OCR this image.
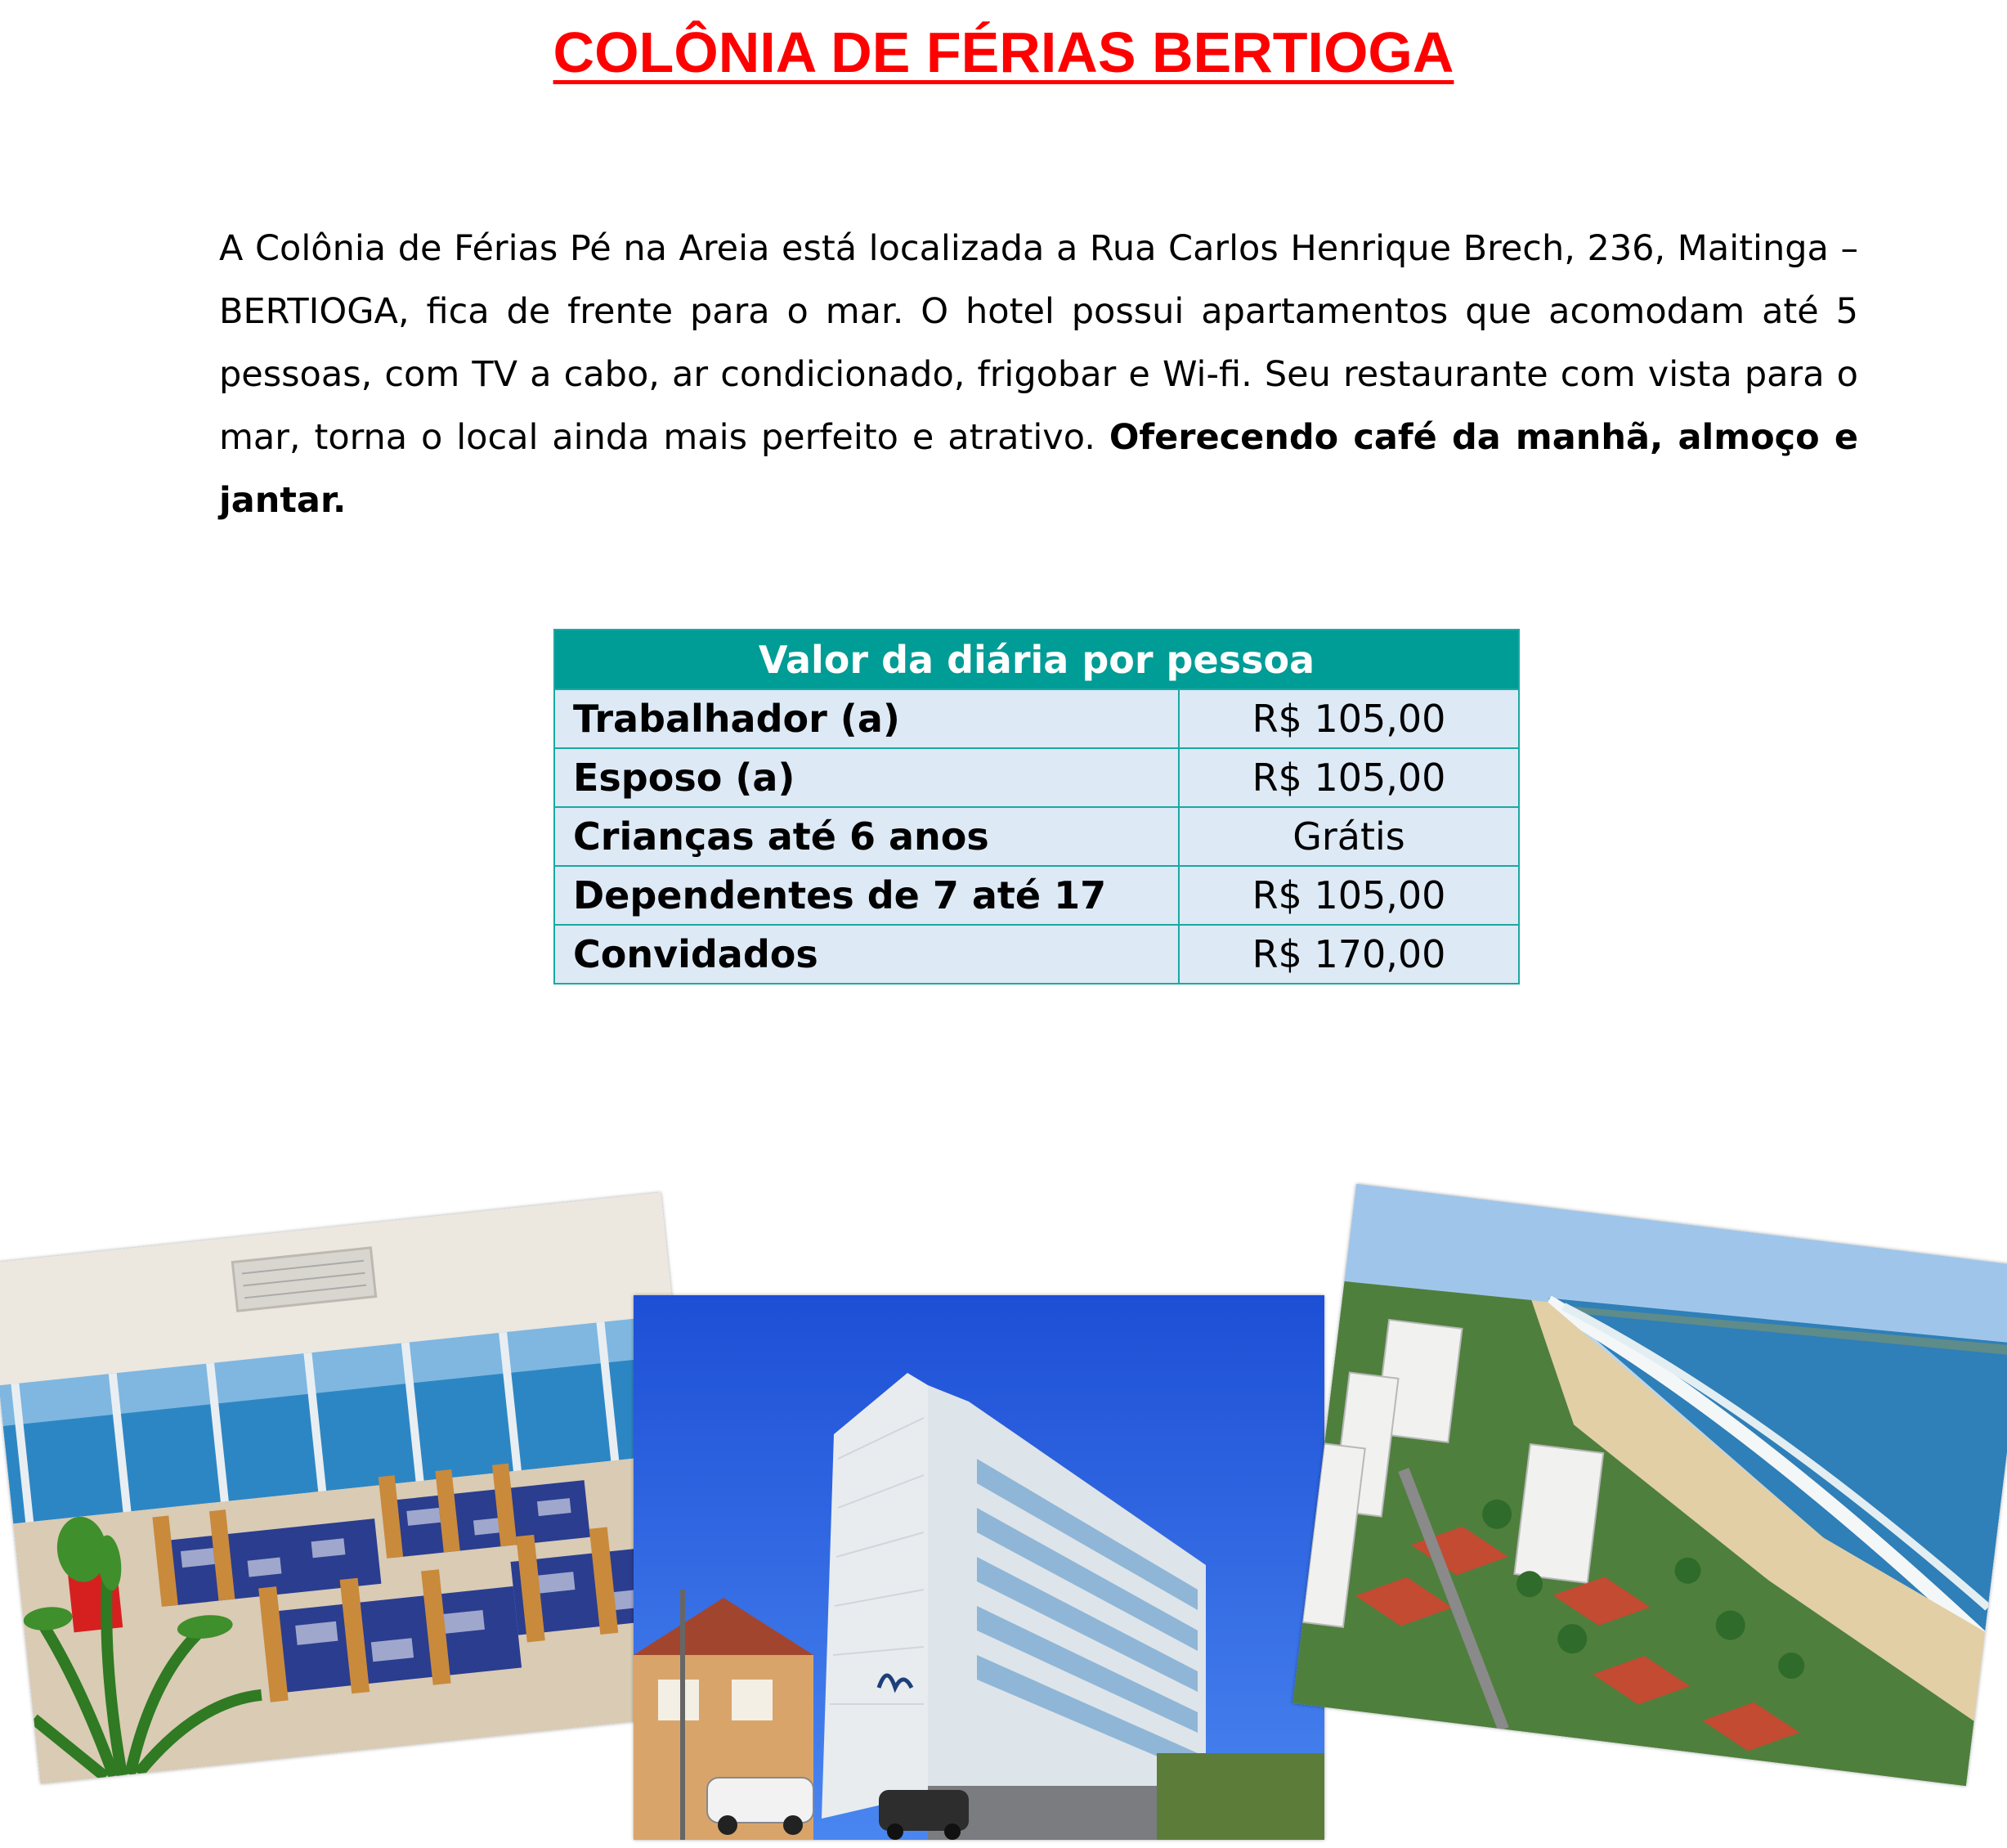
COLÔNIA DE FÉRIAS BERTIOGA
A Colônia de Férias Pé na Areia está localizada a Rua Carlos Henrique Brech, 236, Maitinga – BERTIOGA, fica de frente para o mar. O hotel possui apartamentos que acomodam até 5 pessoas, com TV a cabo, ar condicionado, frigobar e Wi-fi. Seu restaurante com vista para o mar, torna o local ainda mais perfeito e atrativo. Oferecendo café da manhã, almoço e jantar.
Valor da diária por pessoa	
Trabalhador (a)	R$ 105,00
Esposo (a)	R$ 105,00
Crianças até 6 anos	Grátis
Dependentes de 7 até 17	R$ 105,00
Convidados	R$ 170,00
